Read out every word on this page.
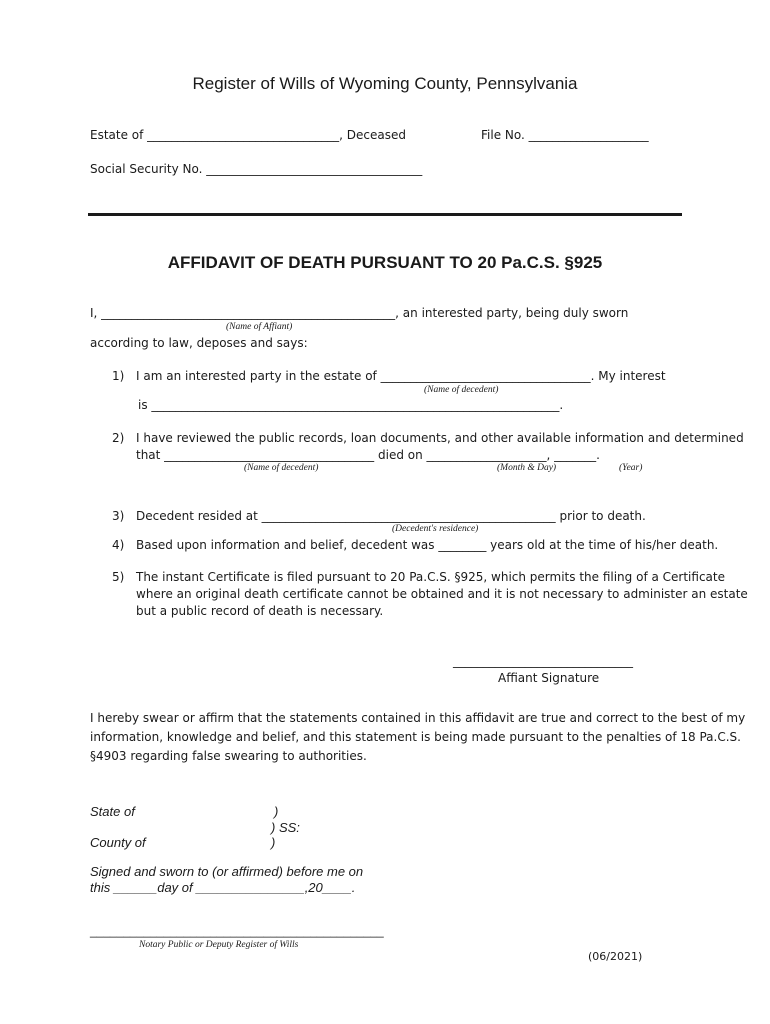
Register of Wills of Wyoming County, Pennsylvania
Estate of ________________________________, Deceased	File No. ____________________
Social Security No. ____________________________________
AFFIDAVIT OF DEATH PURSUANT TO 20 Pa.C.S. §925
I, _________________________________________________, an interested party, being duly sworn
(Name of Affiant)
according to law, deposes and says:
1) I am an interested party in the estate of ___________________________________. My interest
(Name of decedent)
is ____________________________________________________________________.
2) I have reviewed the public records, loan documents, and other available information and determined
that ___________________________________ died on ____________________, _______.
(Name of decedent)	(Month & Day)	(Year)
3) Decedent resided at _________________________________________________ prior to death.
(Decedent's residence)
4) Based upon information and belief, decedent was ________ years old at the time of his/her death.
5) The instant Certificate is filed pursuant to 20 Pa.C.S. §925, which permits the filing of a Certificate
where an original death certificate cannot be obtained and it is not necessary to administer an estate
but a public record of death is necessary.
______________________________
Affiant Signature
I hereby swear or affirm that the statements contained in this affidavit are true and correct to the best of my
information, knowledge and belief, and this statement is being made pursuant to the penalties of 18 Pa.C.S.
§4903 regarding false swearing to authorities.
State of	)
) SS:
County of	)
Signed and sworn to (or affirmed) before me on
this ______day of _______________,20____.
____________________________________________
Notary Public or Deputy Register of Wills
(06/2021)
